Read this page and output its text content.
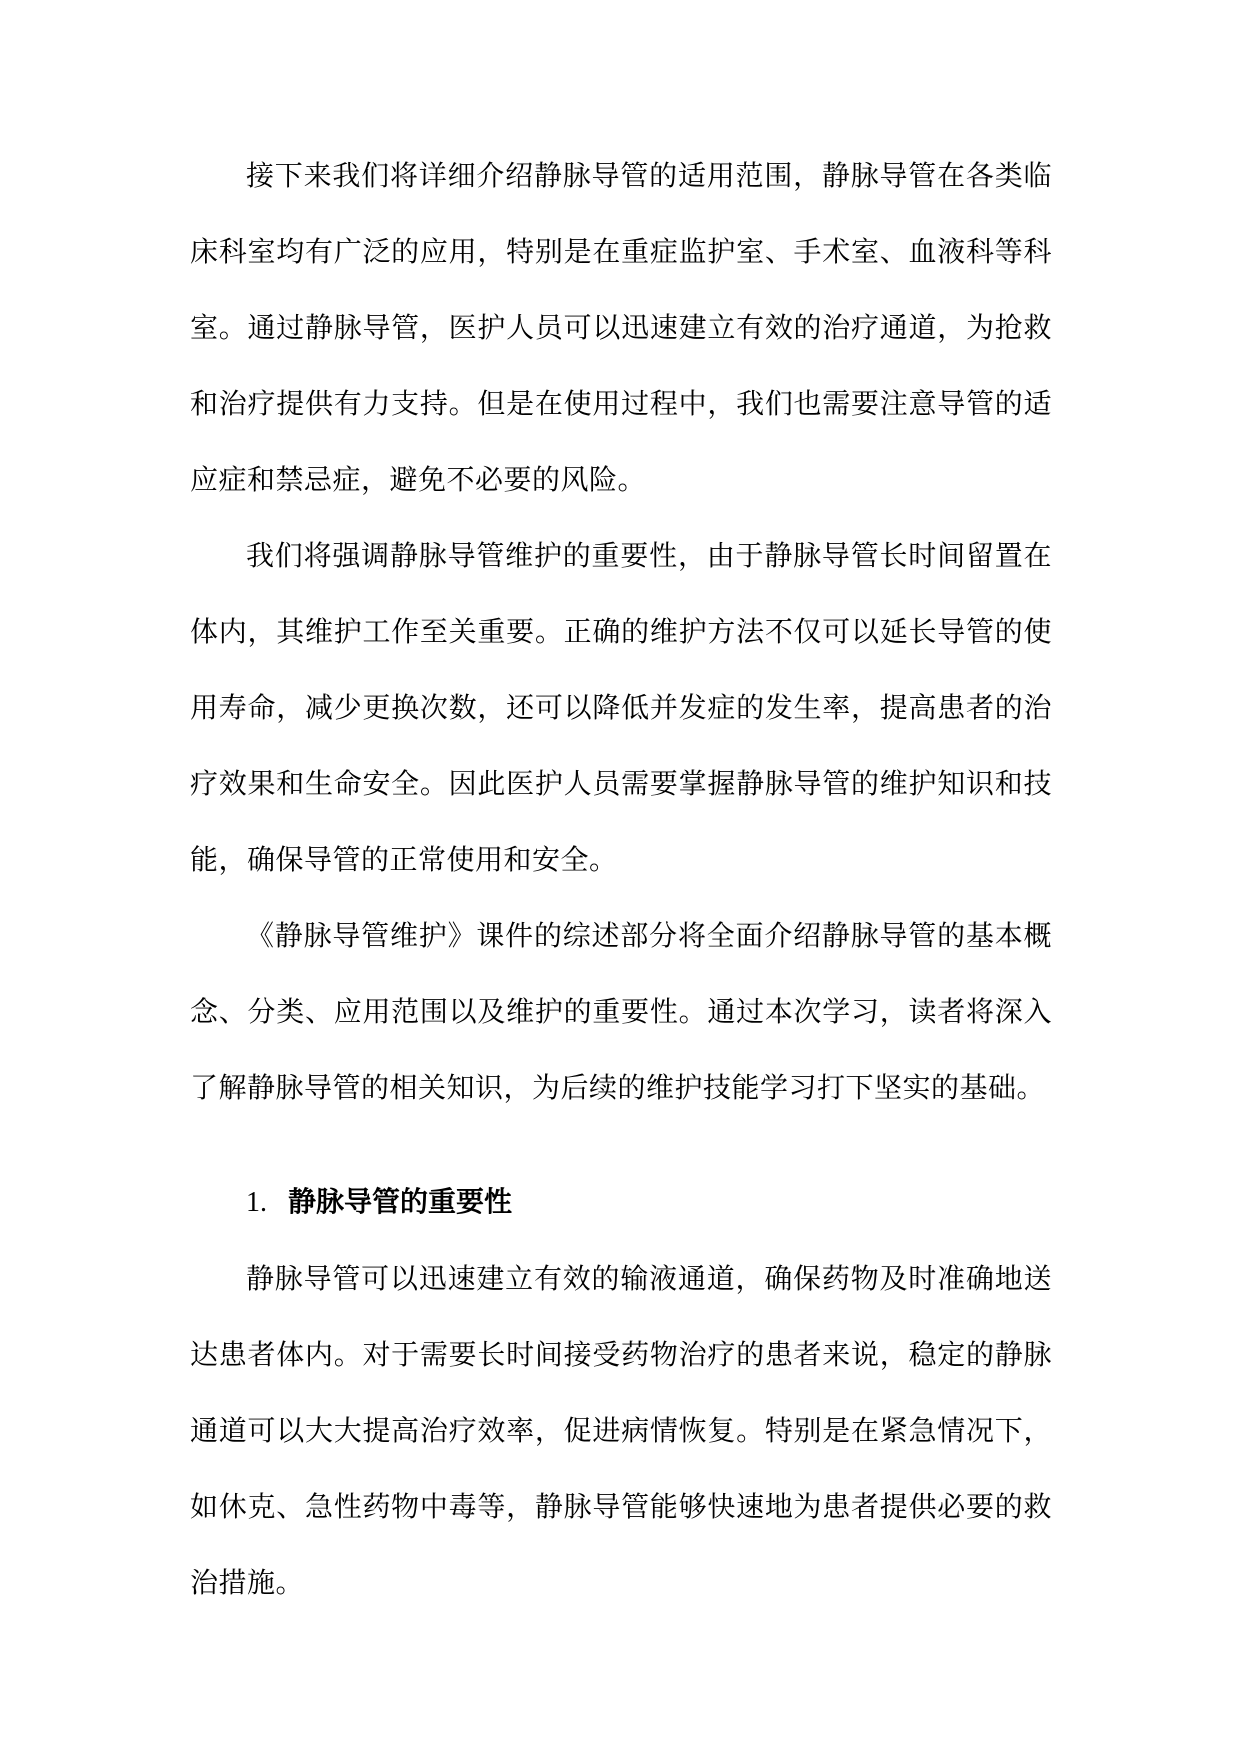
接下来我们将详细介绍静脉导管的适用范围，静脉导管在各类临床科室均有广泛的应用，特别是在重症监护室、手术室、血液科等科室。通过静脉导管，医护人员可以迅速建立有效的治疗通道，为抢救和治疗提供有力支持。但是在使用过程中，我们也需要注意导管的适应症和禁忌症，避免不必要的风险。

我们将强调静脉导管维护的重要性，由于静脉导管长时间留置在体内，其维护工作至关重要。正确的维护方法不仅可以延长导管的使用寿命，减少更换次数，还可以降低并发症的发生率，提高患者的治疗效果和生命安全。因此医护人员需要掌握静脉导管的维护知识和技能，确保导管的正常使用和安全。

《静脉导管维护》课件的综述部分将全面介绍静脉导管的基本概念、分类、应用范围以及维护的重要性。通过本次学习，读者将深入了解静脉导管的相关知识，为后续的维护技能学习打下坚实的基础。

1. 静脉导管的重要性

静脉导管可以迅速建立有效的输液通道，确保药物及时准确地送达患者体内。对于需要长时间接受药物治疗的患者来说，稳定的静脉通道可以大大提高治疗效率，促进病情恢复。特别是在紧急情况下，如休克、急性药物中毒等，静脉导管能够快速地为患者提供必要的救治措施。
